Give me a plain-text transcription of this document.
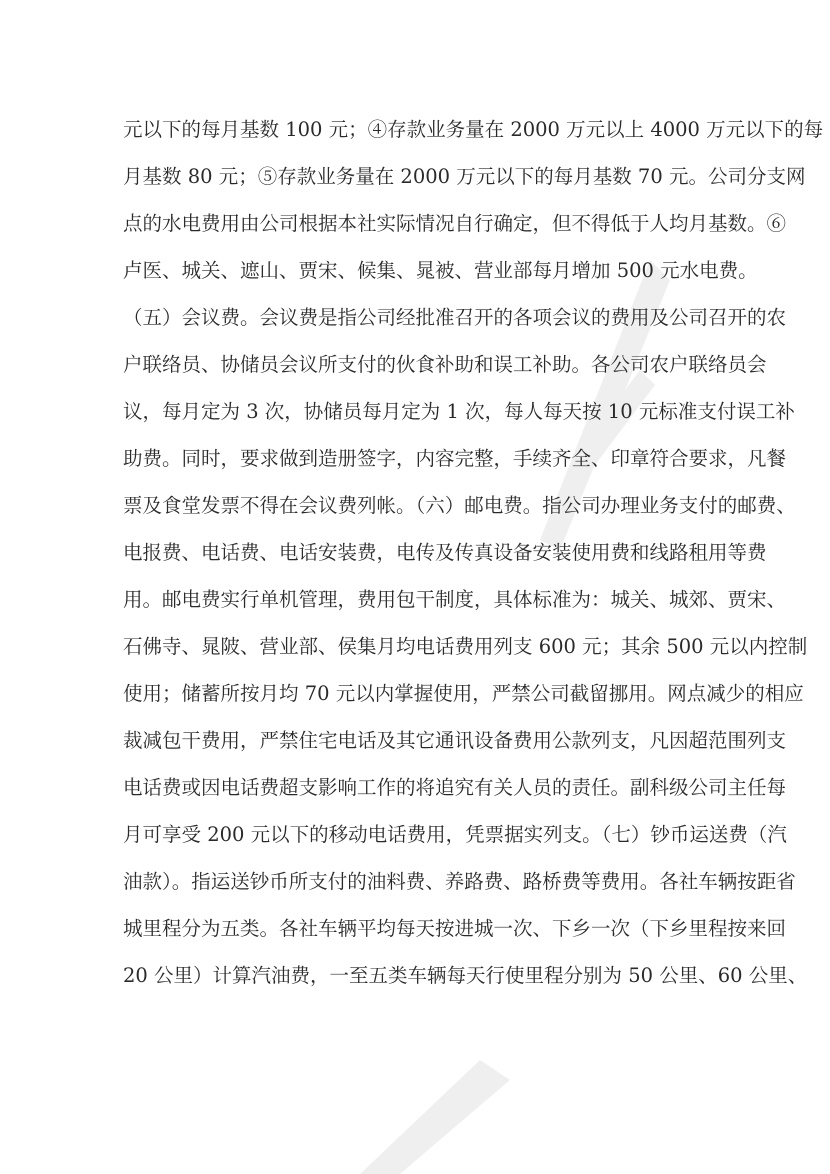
元以下的每月基数 100 元；④存款业务量在 2000 万元以上 4000 万元以下的每
月基数 80 元；⑤存款业务量在 2000 万元以下的每月基数 70 元。公司分支网
点的水电费用由公司根据本社实际情况自行确定，但不得低于人均月基数。⑥
卢医、城关、遮山、贾宋、候集、晁被、营业部每月增加 500 元水电费。
（五）会议费。会议费是指公司经批准召开的各项会议的费用及公司召开的农
户联络员、协储员会议所支付的伙食补助和误工补助。各公司农户联络员会
议，每月定为 3 次，协储员每月定为 1 次，每人每天按 10 元标准支付误工补
助费。同时，要求做到造册签字，内容完整，手续齐全、印章符合要求，凡餐
票及食堂发票不得在会议费列帐。（六）邮电费。指公司办理业务支付的邮费、
电报费、电话费、电话安装费，电传及传真设备安装使用费和线路租用等费
用。邮电费实行单机管理，费用包干制度，具体标准为：城关、城郊、贾宋、
石佛寺、晁陂、营业部、侯集月均电话费用列支 600 元；其余 500 元以内控制
使用；储蓄所按月均 70 元以内掌握使用，严禁公司截留挪用。网点减少的相应
裁减包干费用，严禁住宅电话及其它通讯设备费用公款列支，凡因超范围列支
电话费或因电话费超支影响工作的将追究有关人员的责任。副科级公司主任每
月可享受 200 元以下的移动电话费用，凭票据实列支。（七）钞币运送费（汽
油款）。指运送钞币所支付的油料费、养路费、路桥费等费用。各社车辆按距省
城里程分为五类。各社车辆平均每天按进城一次、下乡一次（下乡里程按来回
20 公里）计算汽油费，一至五类车辆每天行使里程分别为 50 公里、60 公里、
